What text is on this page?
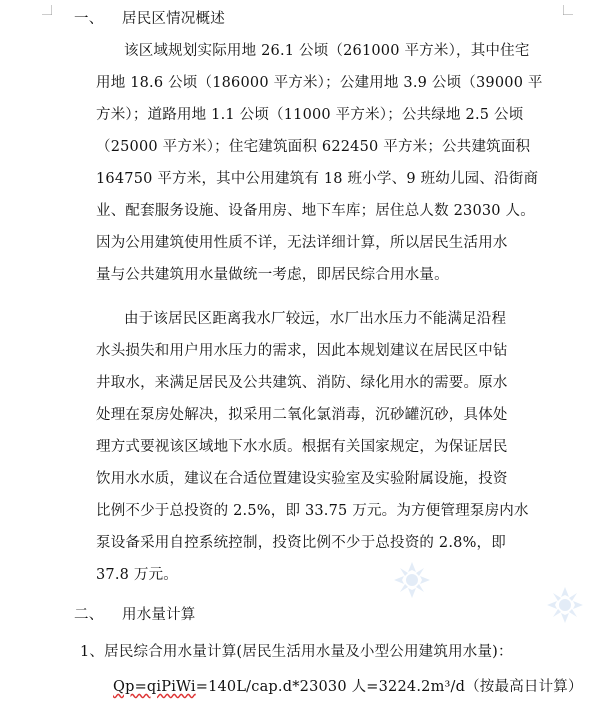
一、 居民区情况概述
该区域规划实际用地 26.1 公顷（261000 平方米），其中住宅
用地 18.6 公顷（186000 平方米）；公建用地 3.9 公顷（39000 平
方米）；道路用地 1.1 公顷（11000 平方米）；公共绿地 2.5 公顷
（25000 平方米）；住宅建筑面积 622450 平方米；公共建筑面积
164750 平方米，其中公用建筑有 18 班小学、9 班幼儿园、沿街商
业、配套服务设施、设备用房、地下车库；居住总人数 23030 人。
因为公用建筑使用性质不详，无法详细计算，所以居民生活用水
量与公共建筑用水量做统一考虑，即居民综合用水量。
由于该居民区距离我水厂较远，水厂出水压力不能满足沿程
水头损失和用户用水压力的需求，因此本规划建议在居民区中钻
井取水，来满足居民及公共建筑、消防、绿化用水的需要。原水
处理在泵房处解决，拟采用二氧化氯消毒，沉砂罐沉砂，具体处
理方式要视该区域地下水水质。根据有关国家规定，为保证居民
饮用水水质，建议在合适位置建设实验室及实验附属设施，投资
比例不少于总投资的 2.5%，即 33.75 万元。为方便管理泵房内水
泵设备采用自控系统控制，投资比例不少于总投资的 2.8%，即
37.8 万元。
二、 用水量计算
1、居民综合用水量计算(居民生活用水量及小型公用建筑用水量)：
Qp=qiPiWi=140L/cap.d*23030 人=3224.2m³/d（按最高日计算）
